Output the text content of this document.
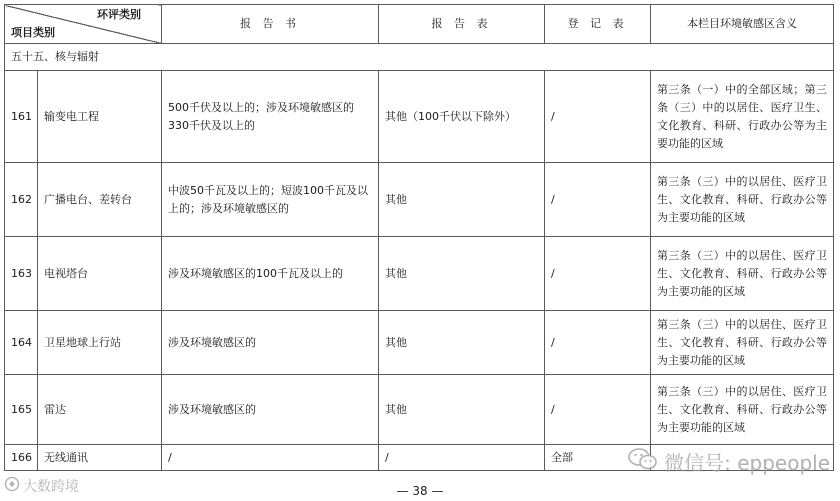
环评类别
项目类别		报 告 书	报 告 表	登 记 表	本栏目环境敏感区含义
五十五、核与辐射					
161	输变电工程	500千伏及以上的；涉及环境敏感区的330千伏及以上的	其他（100千伏以下除外）	/	第三条（一）中的全部区域；第三条（三）中的以居住、医疗卫生、文化教育、科研、行政办公等为主要功能的区域
162	广播电台、差转台	中波50千瓦及以上的；短波100千瓦及以上的；涉及环境敏感区的	其他	/	第三条（三）中的以居住、医疗卫生、文化教育、科研、行政办公等为主要功能的区域
163	电视塔台	涉及环境敏感区的100千瓦及以上的	其他	/	第三条（三）中的以居住、医疗卫生、文化教育、科研、行政办公等为主要功能的区域
164	卫星地球上行站	涉及环境敏感区的	其他	/	第三条（三）中的以居住、医疗卫生、文化教育、科研、行政办公等为主要功能的区域
165	雷达	涉及环境敏感区的	其他	/	第三条（三）中的以居住、医疗卫生、文化教育、科研、行政办公等为主要功能的区域
166	无线通讯	/	/	全部		微信号: eppeople
大数跨境	— 38 —
